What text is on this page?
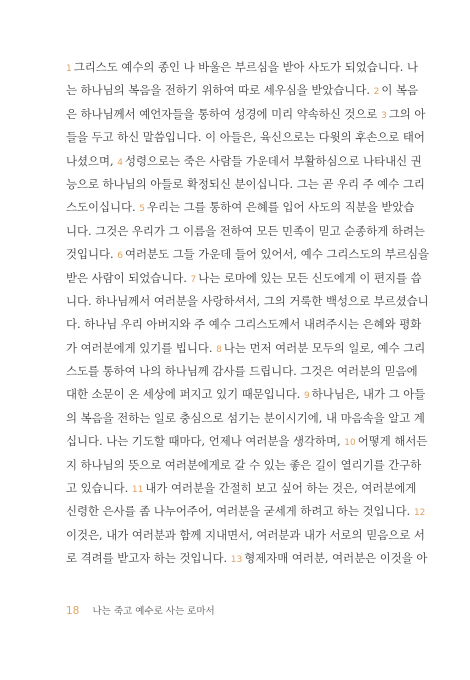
1 그리스도 예수의 종인 나 바울은 부르심을 받아 사도가 되었습니다. 나
는 하나님의 복음을 전하기 위하여 따로 세우심을 받았습니다. 2 이 복음
은 하나님께서 예언자들을 통하여 성경에 미리 약속하신 것으로 3 그의 아
들을 두고 하신 말씀입니다. 이 아들은, 육신으로는 다윗의 후손으로 태어
나셨으며, 4 성령으로는 죽은 사람들 가운데서 부활하심으로 나타내신 권
능으로 하나님의 아들로 확정되신 분이십니다. 그는 곧 우리 주 예수 그리
스도이십니다. 5 우리는 그를 통하여 은혜를 입어 사도의 직분을 받았습
니다. 그것은 우리가 그 이름을 전하여 모든 민족이 믿고 순종하게 하려는
것입니다. 6 여러분도 그들 가운데 들어 있어서, 예수 그리스도의 부르심을
받은 사람이 되었습니다. 7 나는 로마에 있는 모든 신도에게 이 편지를 씁
니다. 하나님께서 여러분을 사랑하셔서, 그의 거룩한 백성으로 부르셨습니
다. 하나님 우리 아버지와 주 예수 그리스도께서 내려주시는 은혜와 평화
가 여러분에게 있기를 빕니다. 8 나는 먼저 여러분 모두의 일로, 예수 그리
스도를 통하여 나의 하나님께 감사를 드립니다. 그것은 여러분의 믿음에
대한 소문이 온 세상에 퍼지고 있기 때문입니다. 9 하나님은, 내가 그 아들
의 복음을 전하는 일로 충심으로 섬기는 분이시기에, 내 마음속을 알고 계
십니다. 나는 기도할 때마다, 언제나 여러분을 생각하며, 10 어떻게 해서든
지 하나님의 뜻으로 여러분에게로 갈 수 있는 좋은 길이 열리기를 간구하
고 있습니다. 11 내가 여러분을 간절히 보고 싶어 하는 것은, 여러분에게
신령한 은사를 좀 나누어주어, 여러분을 굳세게 하려고 하는 것입니다. 12
이것은, 내가 여러분과 함께 지내면서, 여러분과 내가 서로의 믿음으로 서
로 격려를 받고자 하는 것입니다. 13 형제자매 여러분, 여러분은 이것을 아
18 나는 죽고 예수로 사는 로마서
